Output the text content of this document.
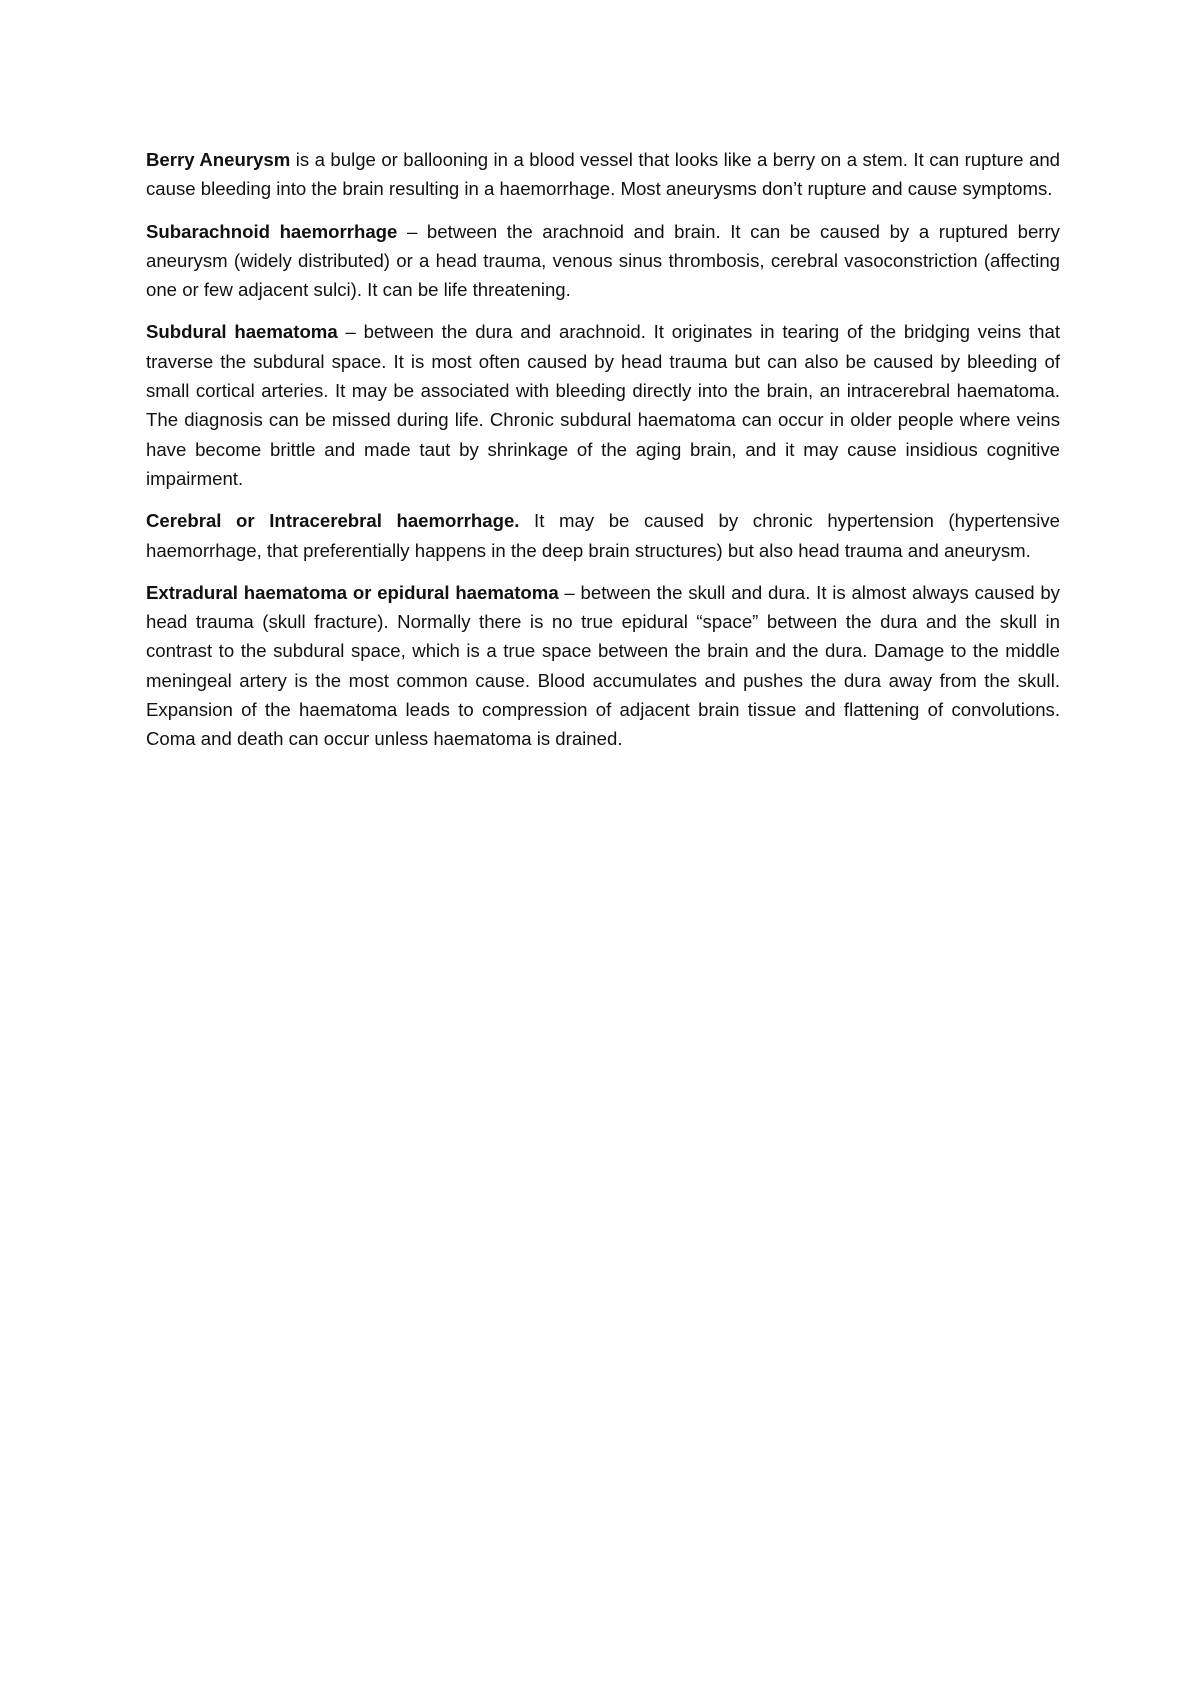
Berry Aneurysm is a bulge or ballooning in a blood vessel that looks like a berry on a stem. It can rupture and cause bleeding into the brain resulting in a haemorrhage. Most aneurysms don’t rupture and cause symptoms.

Subarachnoid haemorrhage – between the arachnoid and brain. It can be caused by a ruptured berry aneurysm (widely distributed) or a head trauma, venous sinus thrombosis, cerebral vasoconstriction (affecting one or few adjacent sulci). It can be life threatening.

Subdural haematoma – between the dura and arachnoid. It originates in tearing of the bridging veins that traverse the subdural space. It is most often caused by head trauma but can also be caused by bleeding of small cortical arteries. It may be associated with bleeding directly into the brain, an intracerebral haematoma. The diagnosis can be missed during life. Chronic subdural haematoma can occur in older people where veins have become brittle and made taut by shrinkage of the aging brain, and it may cause insidious cognitive impairment.

Cerebral or Intracerebral haemorrhage. It may be caused by chronic hypertension (hypertensive haemorrhage, that preferentially happens in the deep brain structures) but also head trauma and aneurysm.

Extradural haematoma or epidural haematoma – between the skull and dura. It is almost always caused by head trauma (skull fracture). Normally there is no true epidural “space” between the dura and the skull in contrast to the subdural space, which is a true space between the brain and the dura. Damage to the middle meningeal artery is the most common cause. Blood accumulates and pushes the dura away from the skull. Expansion of the haematoma leads to compression of adjacent brain tissue and flattening of convolutions. Coma and death can occur unless haematoma is drained.
